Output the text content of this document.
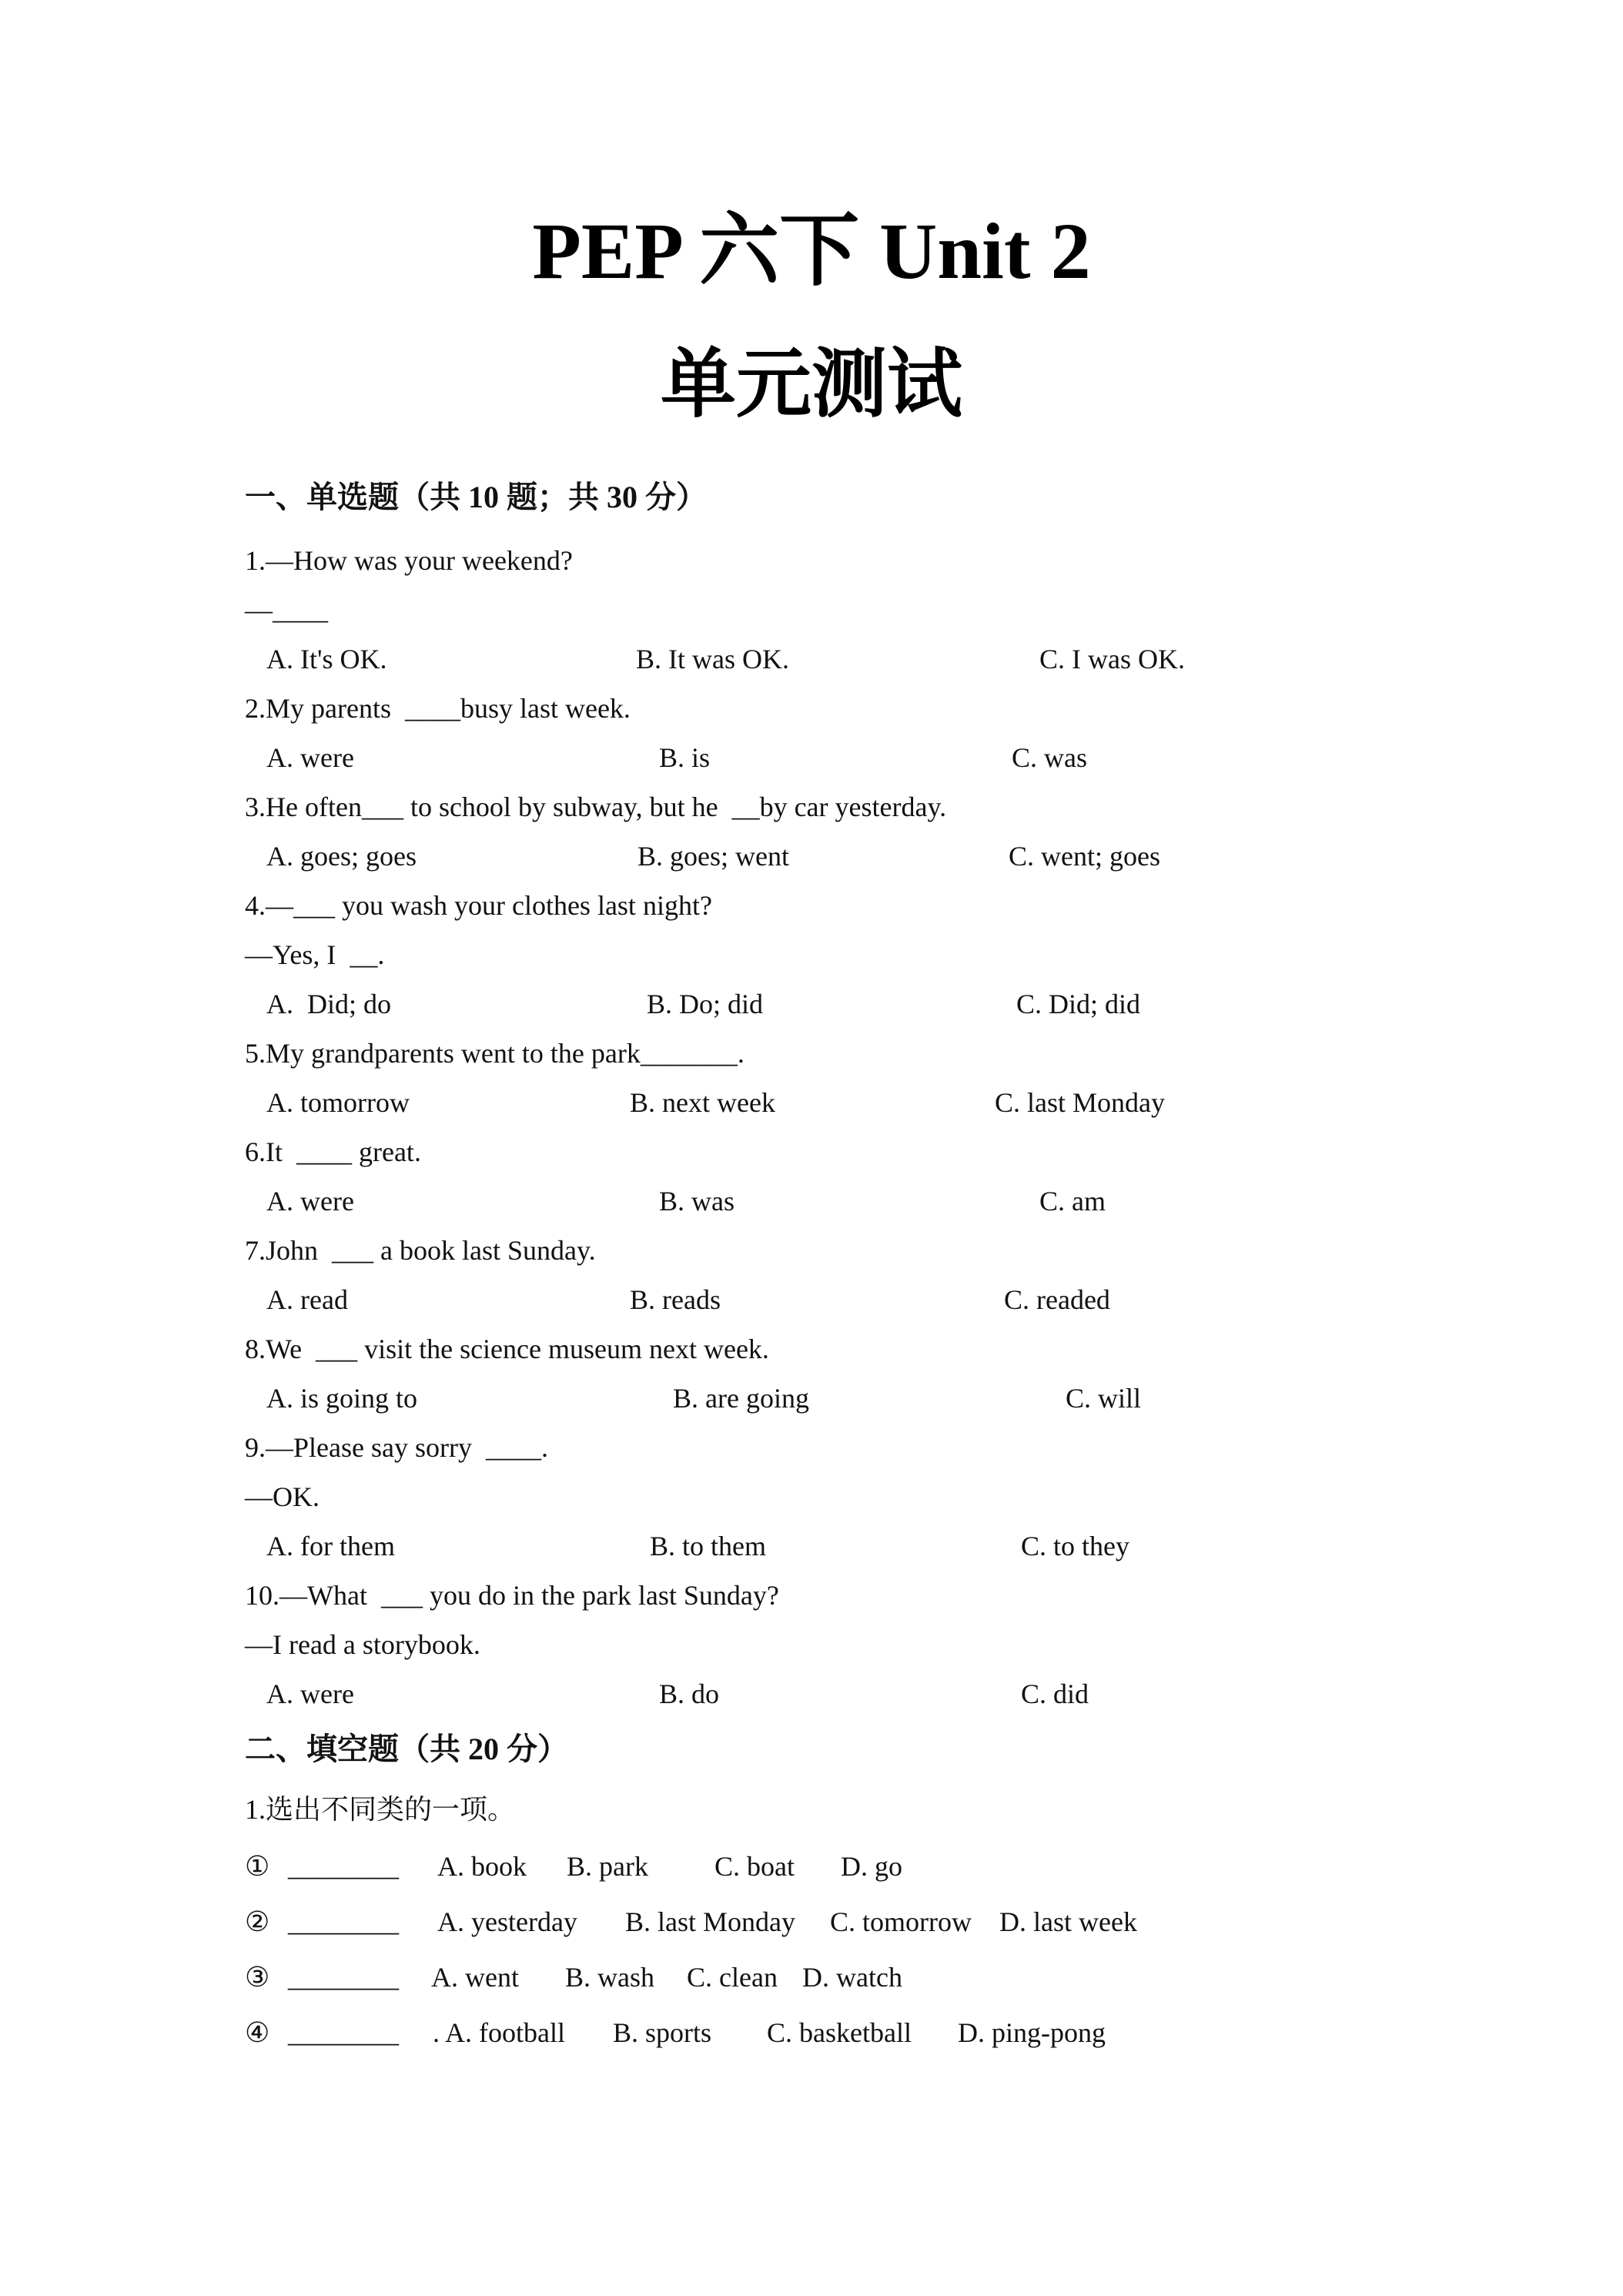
PEP 六下 Unit 2
单元测试
一、单选题（共 10 题；共 30 分）
1.—How was your weekend?
—____
A. It's OK.	B. It was OK.	C. I was OK.
2.My parents  ____busy last week.
A. were	B. is	C. was
3.He often___ to school by subway, but he  __by car yesterday.
A. goes; goes	B. goes; went	C. went; goes
4.—___ you wash your clothes last night?
—Yes, I  __.
A.  Did; do	B. Do; did	C. Did; did
5.My grandparents went to the park_______.
A. tomorrow	B. next week	C. last Monday
6.It  ____ great.
A. were	B. was	C. am
7.John  ___ a book last Sunday.
A. read	B. reads	C. readed
8.We  ___ visit the science museum next week.
A. is going to	B. are going	C. will
9.—Please say sorry  ____.
—OK.
A. for them	B. to them	C. to they
10.—What  ___ you do in the park last Sunday?
—I read a storybook.
A. were	B. do	C. did
二、填空题（共 20 分）
1.选出不同类的一项。
① ________ A. book B. park C. boat D. go
② ________ A. yesterday B. last Monday C. tomorrow D. last week
③ ________ A. went B. wash C. clean D. watch
④ ________ . A. football B. sports C. basketball D. ping-pong
